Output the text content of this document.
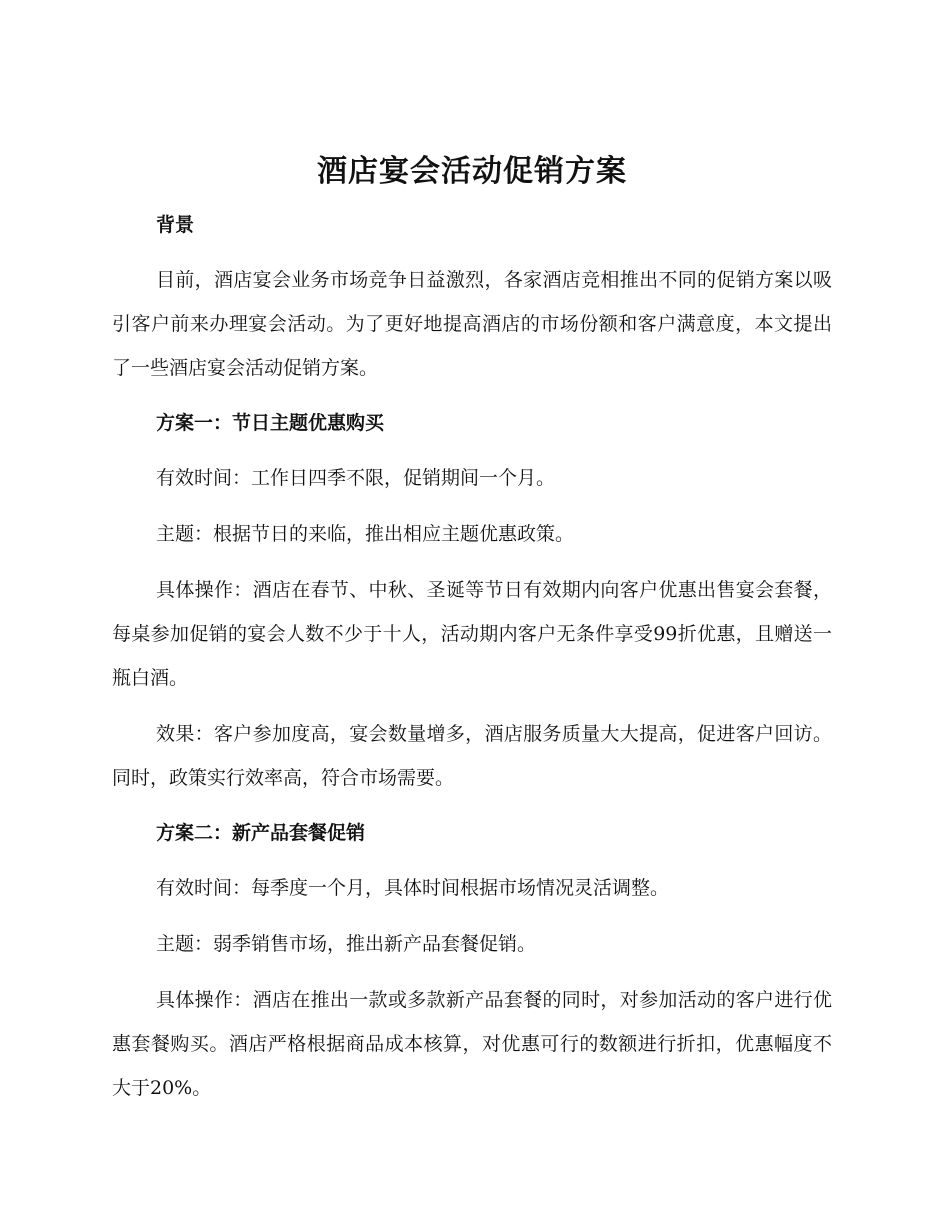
酒店宴会活动促销方案

背景

目前，酒店宴会业务市场竞争日益激烈，各家酒店竞相推出不同的促销方案以吸引客户前来办理宴会活动。为了更好地提高酒店的市场份额和客户满意度，本文提出了一些酒店宴会活动促销方案。

方案一：节日主题优惠购买

有效时间：工作日四季不限，促销期间一个月。

主题：根据节日的来临，推出相应主题优惠政策。

具体操作：酒店在春节、中秋、圣诞等节日有效期内向客户优惠出售宴会套餐，每桌参加促销的宴会人数不少于十人，活动期内客户无条件享受99折优惠，且赠送一瓶白酒。

效果：客户参加度高，宴会数量增多，酒店服务质量大大提高，促进客户回访。同时，政策实行效率高，符合市场需要。

方案二：新产品套餐促销

有效时间：每季度一个月，具体时间根据市场情况灵活调整。

主题：弱季销售市场，推出新产品套餐促销。

具体操作：酒店在推出一款或多款新产品套餐的同时，对参加活动的客户进行优惠套餐购买。酒店严格根据商品成本核算，对优惠可行的数额进行折扣，优惠幅度不大于20%。
